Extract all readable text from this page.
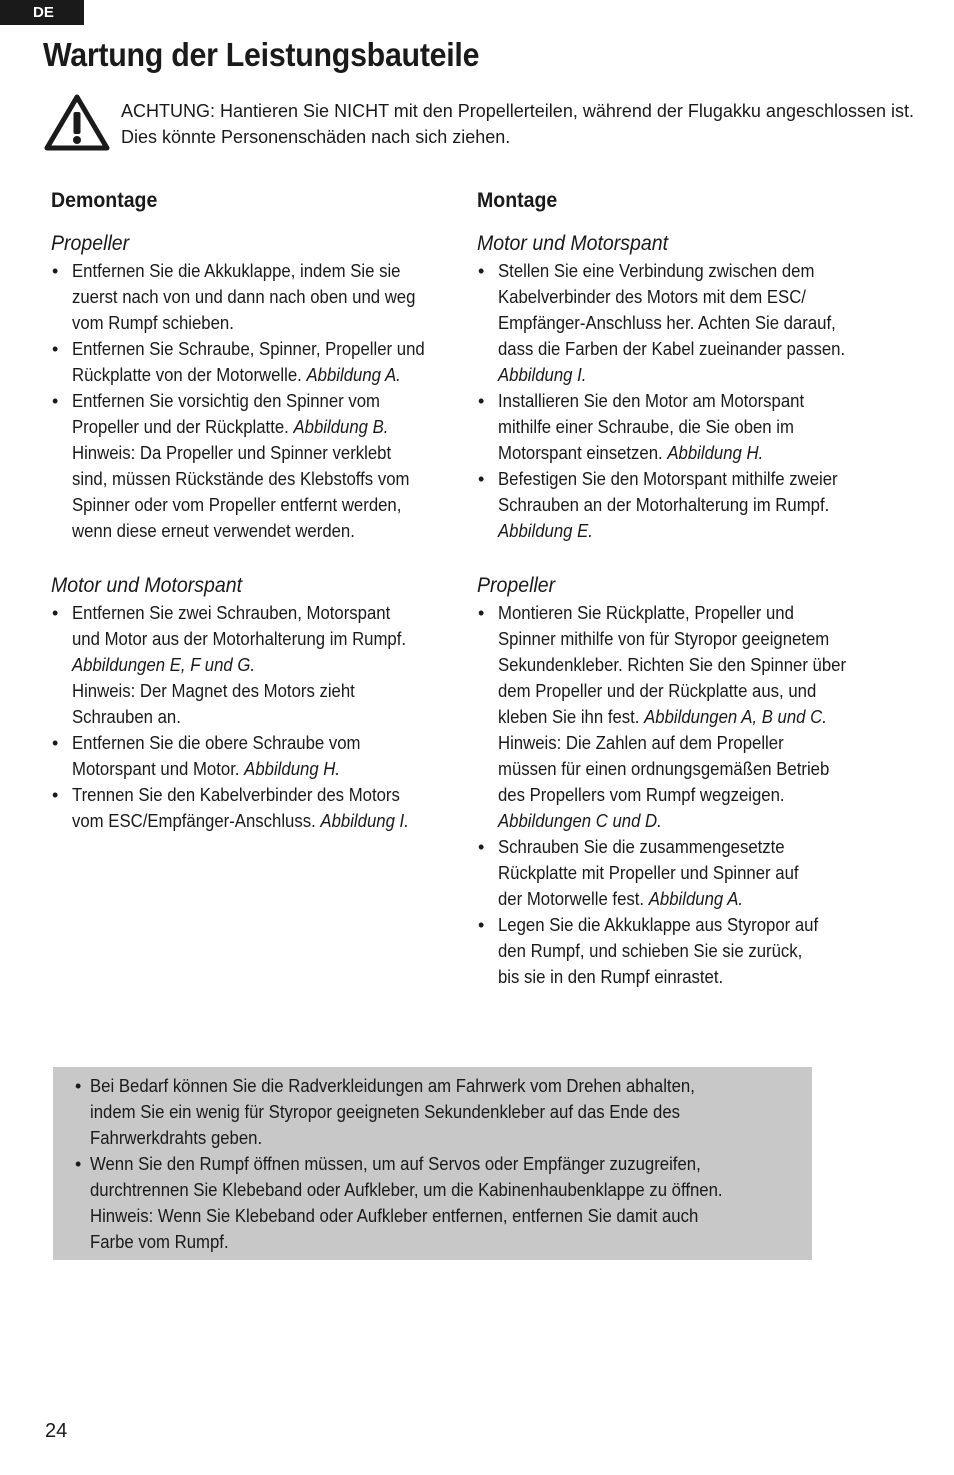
DE
Wartung der Leistungsbauteile

ACHTUNG: Hantieren Sie NICHT mit den Propellerteilen, während der Flugakku angeschlossen ist.
Dies könnte Personenschäden nach sich ziehen.

Demontage
Propeller
• Entfernen Sie die Akkuklappe, indem Sie sie
zuerst nach von und dann nach oben und weg
vom Rumpf schieben.
• Entfernen Sie Schraube, Spinner, Propeller und
Rückplatte von der Motorwelle. Abbildung A.
• Entfernen Sie vorsichtig den Spinner vom
Propeller und der Rückplatte. Abbildung B.
Hinweis: Da Propeller und Spinner verklebt
sind, müssen Rückstände des Klebstoffs vom
Spinner oder vom Propeller entfernt werden,
wenn diese erneut verwendet werden.
Motor und Motorspant
• Entfernen Sie zwei Schrauben, Motorspant
und Motor aus der Motorhalterung im Rumpf.
Abbildungen E, F und G.
Hinweis: Der Magnet des Motors zieht
Schrauben an.
• Entfernen Sie die obere Schraube vom
Motorspant und Motor. Abbildung H.
• Trennen Sie den Kabelverbinder des Motors
vom ESC/Empfänger-Anschluss. Abbildung I.
Montage
Motor und Motorspant
• Stellen Sie eine Verbindung zwischen dem
Kabelverbinder des Motors mit dem ESC/
Empfänger-Anschluss her. Achten Sie darauf,
dass die Farben der Kabel zueinander passen.
Abbildung I.
• Installieren Sie den Motor am Motorspant
mithilfe einer Schraube, die Sie oben im
Motorspant einsetzen. Abbildung H.
• Befestigen Sie den Motorspant mithilfe zweier
Schrauben an der Motorhalterung im Rumpf.
Abbildung E.
Propeller
• Montieren Sie Rückplatte, Propeller und
Spinner mithilfe von für Styropor geeignetem
Sekundenkleber. Richten Sie den Spinner über
dem Propeller und der Rückplatte aus, und
kleben Sie ihn fest. Abbildungen A, B und C.
Hinweis: Die Zahlen auf dem Propeller
müssen für einen ordnungsgemäßen Betrieb
des Propellers vom Rumpf wegzeigen.
Abbildungen C und D.
• Schrauben Sie die zusammengesetzte
Rückplatte mit Propeller und Spinner auf
der Motorwelle fest. Abbildung A.
• Legen Sie die Akkuklappe aus Styropor auf
den Rumpf, und schieben Sie sie zurück,
bis sie in den Rumpf einrastet.
• Bei Bedarf können Sie die Radverkleidungen am Fahrwerk vom Drehen abhalten,
indem Sie ein wenig für Styropor geeigneten Sekundenkleber auf das Ende des
Fahrwerkdrahts geben.
• Wenn Sie den Rumpf öffnen müssen, um auf Servos oder Empfänger zuzugreifen,
durchtrennen Sie Klebeband oder Aufkleber, um die Kabinenhaubenklappe zu öffnen.
Hinweis: Wenn Sie Klebeband oder Aufkleber entfernen, entfernen Sie damit auch
Farbe vom Rumpf.
24
